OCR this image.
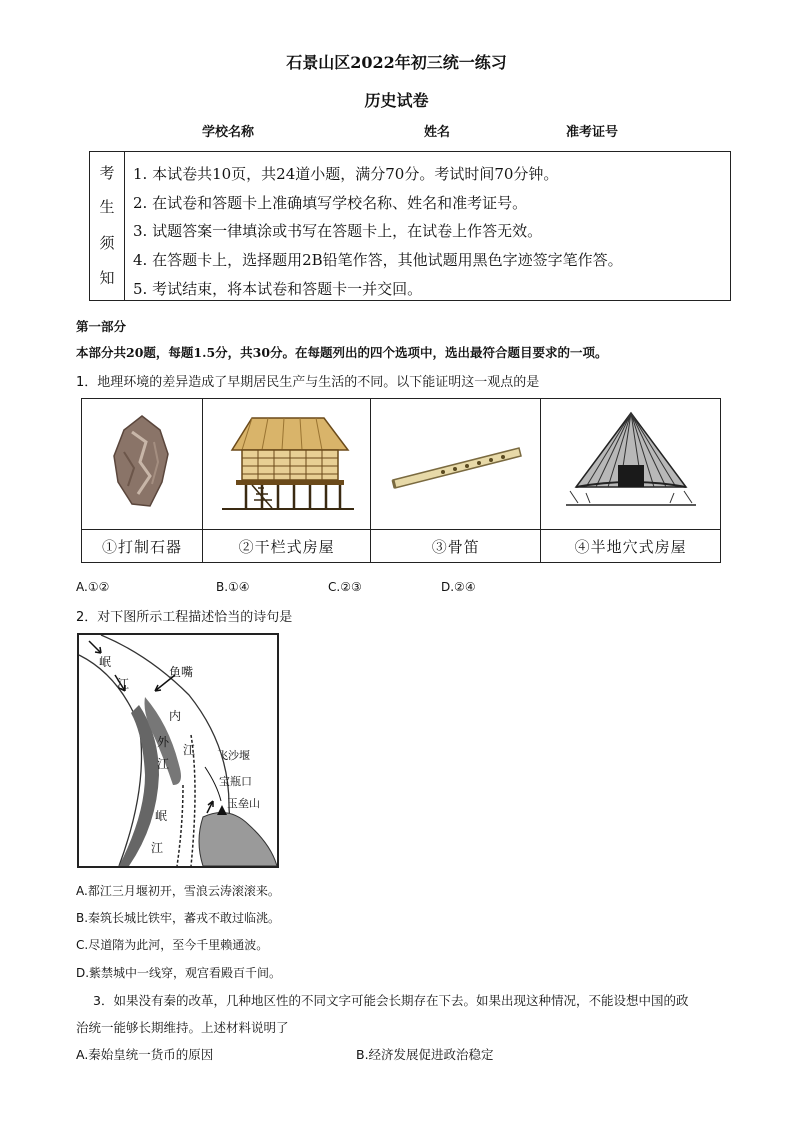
石景山区2022年初三统一练习
历史试卷
学校名称	姓名	准考证号
考
生
须
知
1. 本试卷共10页，共24道小题，满分70分。考试时间70分钟。
2. 在试卷和答题卡上准确填写学校名称、姓名和准考证号。
3. 试题答案一律填涂或书写在答题卡上，在试卷上作答无效。
4. 在答题卡上，选择题用2B铅笔作答，其他试题用黑色字迹签字笔作答。
5. 考试结束，将本试卷和答题卡一并交回。
第一部分
本部分共20题，每题1.5分，共30分。在每题列出的四个选项中，选出最符合题目要求的一项。
1．地理环境的差异造成了早期居民生产与生活的不同。以下能证明这一观点的是

①打制石器	②干栏式房屋	③骨笛	④半地穴式房屋
A.①②	B.①④	C.②③	D.②④
2．对下图所示工程描述恰当的诗句是
岷
江
鱼嘴
内
江
外
江
飞沙堰
宝瓶口
玉垒山
岷
江
A.都江三月堰初开，雪浪云涛滚滚来。
B.秦筑长城比铁牢，蕃戎不敢过临洮。
C.尽道隋为此河，至今千里赖通波。
D.紫禁城中一线穿，观宫看殿百千间。
3．如果没有秦的改革，几种地区性的不同文字可能会长期存在下去。如果出现这种情况，不能设想中国的政
治统一能够长期维持。上述材料说明了
A.秦始皇统一货币的原因	B.经济发展促进政治稳定
